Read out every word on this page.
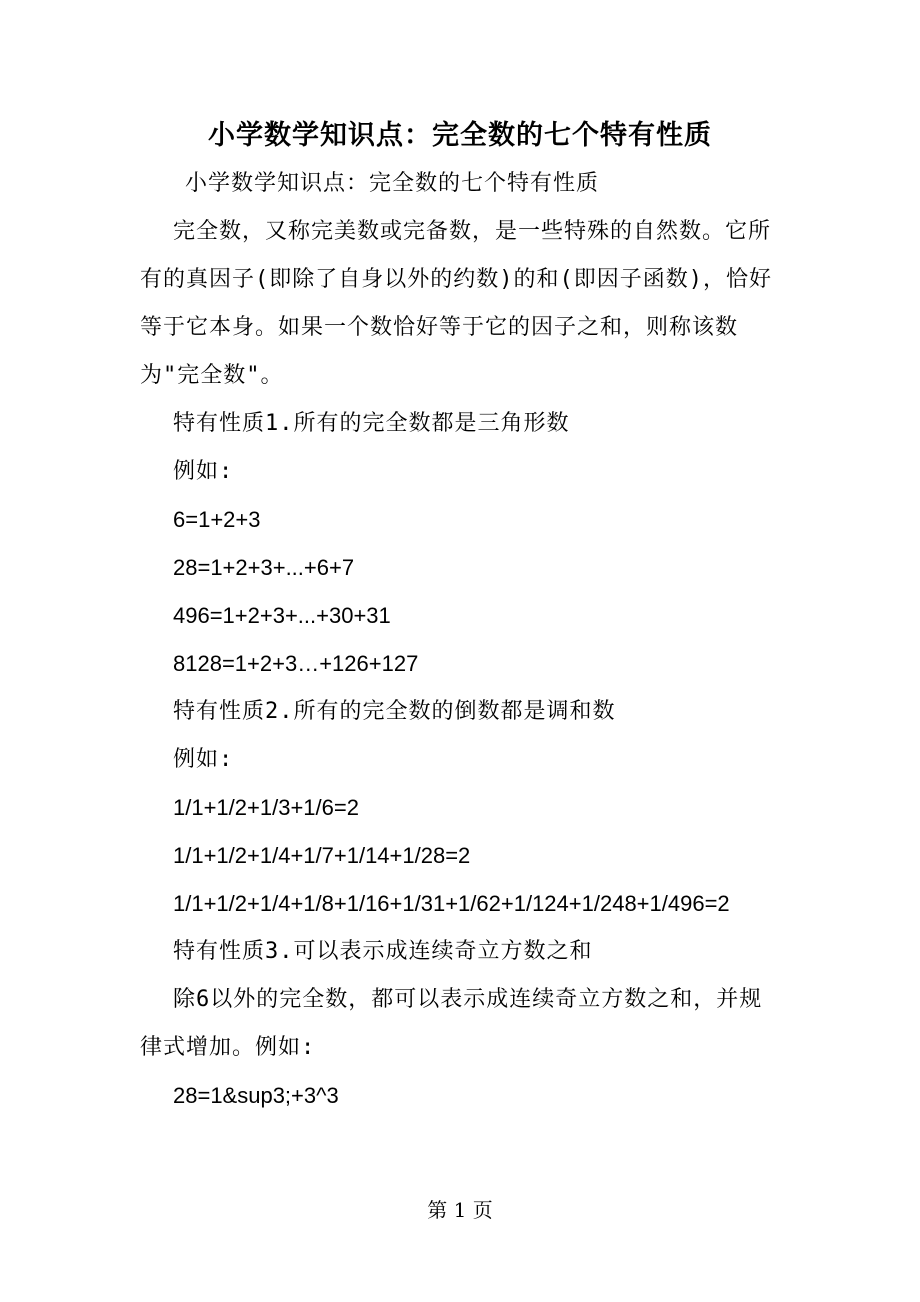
小学数学知识点：完全数的七个特有性质

小学数学知识点：完全数的七个特有性质

完全数，又称完美数或完备数，是一些特殊的自然数。它所有的真因子(即除了自身以外的约数)的和(即因子函数)，恰好等于它本身。如果一个数恰好等于它的因子之和，则称该数为"完全数"。

特有性质1.所有的完全数都是三角形数

例如:

6=1+2+3

28=1+2+3+...+6+7

496=1+2+3+...+30+31

8128=1+2+3…+126+127

特有性质2.所有的完全数的倒数都是调和数

例如:

1/1+1/2+1/3+1/6=2

1/1+1/2+1/4+1/7+1/14+1/28=2

1/1+1/2+1/4+1/8+1/16+1/31+1/62+1/124+1/248+1/496=2

特有性质3.可以表示成连续奇立方数之和

除6以外的完全数，都可以表示成连续奇立方数之和，并规律式增加。例如:

28=1&sup3;+3^3

第 1 页
